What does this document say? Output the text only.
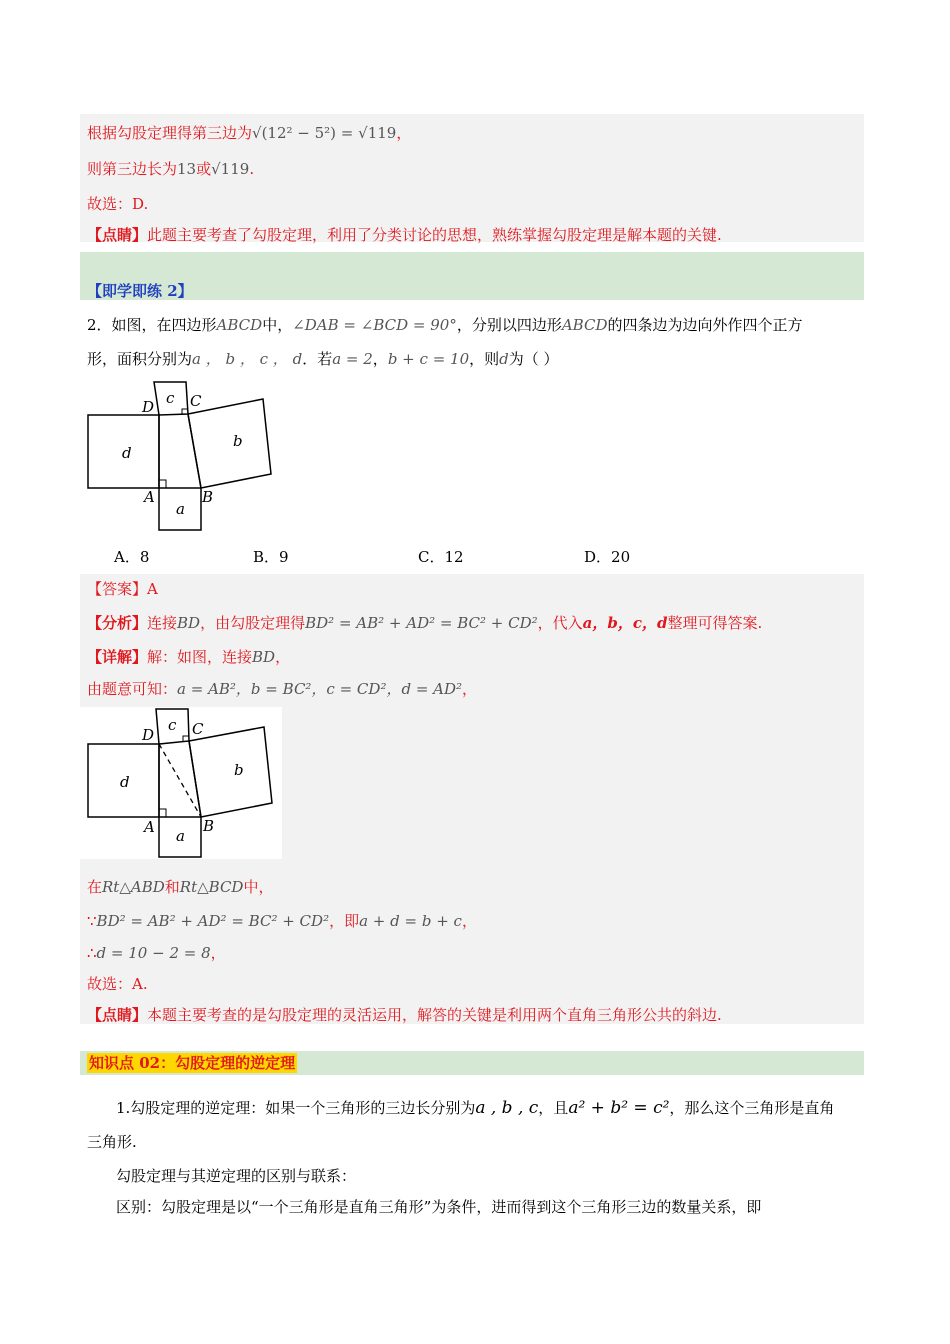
根据勾股定理得第三边为√(12² − 5²) = √119，
则第三边长为13或√119.
故选：D.
【点睛】此题主要考查了勾股定理，利用了分类讨论的思想，熟练掌握勾股定理是解本题的关键.
【即学即练 2】
2．如图，在四边形ABCD中，∠DAB = ∠BCD = 90°，分别以四边形ABCD的四条边为边向外作四个正方
形，面积分别为a ， b ， c ， d．若a = 2，b + c = 10，则d为（ ）
d
b
c
a
D C
A	B
A．8	B．9	C．12	D．20
【答案】A
【分析】连接BD，由勾股定理得BD² = AB² + AD² = BC² + CD²，代入a，b，c，d整理可得答案.
【详解】解：如图，连接BD，
由题意可知：a = AB²，b = BC²，c = CD²，d = AD²，
d
b
c
a
D	C
A	B
在Rt△ABD和Rt△BCD中，
∵BD² = AB² + AD² = BC² + CD²，即a + d = b + c，
∴d = 10 − 2 = 8，
故选：A.
【点睛】本题主要考查的是勾股定理的灵活运用，解答的关键是利用两个直角三角形公共的斜边.
知识点 02：勾股定理的逆定理
1.勾股定理的逆定理：如果一个三角形的三边长分别为a , b , c，且a² + b² = c²，那么这个三角形是直角
三角形.
勾股定理与其逆定理的区别与联系：
区别：勾股定理是以“一个三角形是直角三角形”为条件，进而得到这个三角形三边的数量关系，即
